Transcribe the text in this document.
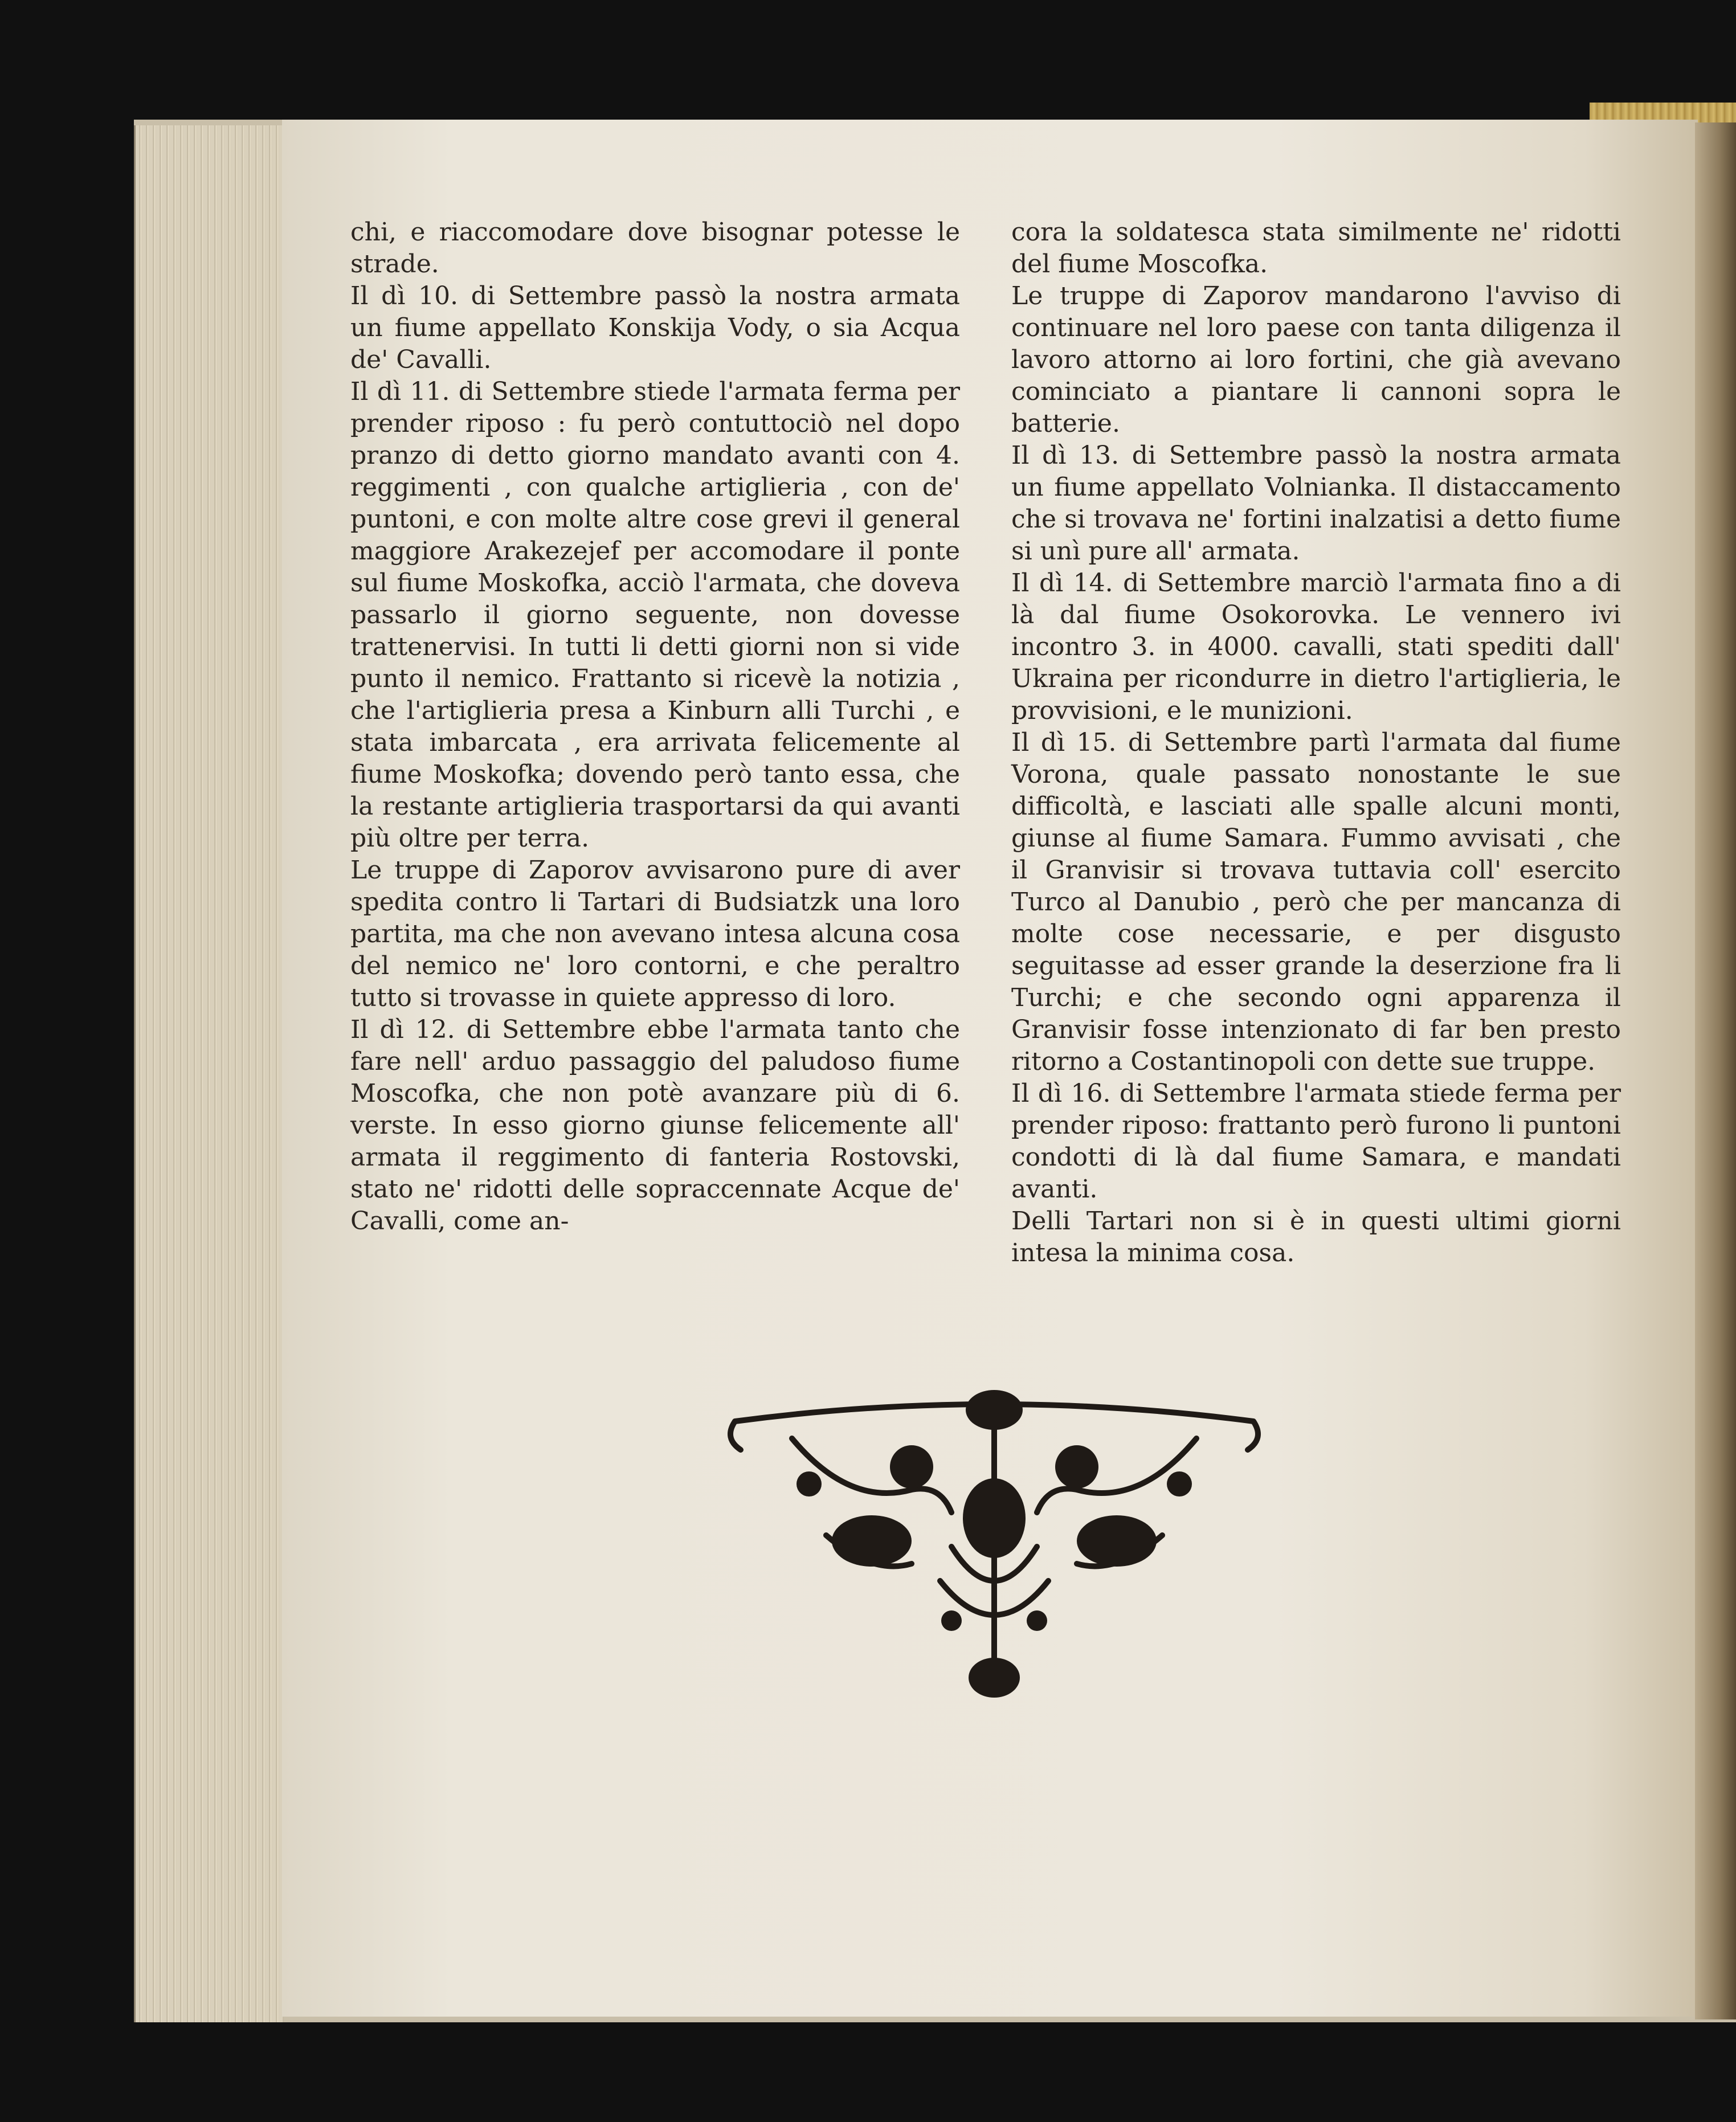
chi, e riaccomodare dove bisognar potesse le strade.

Il dì 10. di Settembre passò la nostra armata un fiume appellato Konskija Vody, o sia Acqua de' Cavalli.

Il dì 11. di Settembre stiede l'armata ferma per prender riposo : fu però contuttociò nel dopo pranzo di detto giorno mandato avanti con 4. reggimenti , con qualche artiglieria , con de' puntoni, e con molte altre cose grevi il general maggiore Arakezejef per accomodare il ponte sul fiume Moskofka, acciò l'armata, che doveva passarlo il giorno seguente, non dovesse trattenervisi. In tutti li detti giorni non si vide punto il nemico. Frattanto si ricevè la notizia , che l'artiglieria presa a Kinburn alli Turchi , e stata imbarcata , era arrivata felicemente al fiume Moskofka; dovendo però tanto essa, che la restante artiglieria trasportarsi da qui avanti più oltre per terra.

Le truppe di Zaporov avvisarono pure di aver spedita contro li Tartari di Budsiatzk una loro partita, ma che non avevano intesa alcuna cosa del nemico ne' loro contorni, e che peraltro tutto si trovasse in quiete appresso di loro.

Il dì 12. di Settembre ebbe l'armata tanto che fare nell' arduo passaggio del paludoso fiume Moscofka, che non potè avanzare più di 6. verste. In esso giorno giunse felicemente all' armata il reggimento di fanteria Rostovski, stato ne' ridotti delle sopraccennate Acque de' Cavalli, come an-

cora la soldatesca stata similmente ne' ridotti del fiume Moscofka.

Le truppe di Zaporov mandarono l'avviso di continuare nel loro paese con tanta diligenza il lavoro attorno ai loro fortini, che già avevano cominciato a piantare li cannoni sopra le batterie.

Il dì 13. di Settembre passò la nostra armata un fiume appellato Volnianka. Il distaccamento che si trovava ne' fortini inalzatisi a detto fiume si unì pure all' armata.

Il dì 14. di Settembre marciò l'armata fino a di là dal fiume Osokorovka. Le vennero ivi incontro 3. in 4000. cavalli, stati spediti dall' Ukraina per ricondurre in dietro l'artiglieria, le provvisioni, e le munizioni.

Il dì 15. di Settembre partì l'armata dal fiume Vorona, quale passato nonostante le sue difficoltà, e lasciati alle spalle alcuni monti, giunse al fiume Samara. Fummo avvisati , che il Granvisir si trovava tuttavia coll' esercito Turco al Danubio , però che per mancanza di molte cose necessarie, e per disgusto seguitasse ad esser grande la deserzione fra li Turchi; e che secondo ogni apparenza il Granvisir fosse intenzionato di far ben presto ritorno a Costantinopoli con dette sue truppe.

Il dì 16. di Settembre l'armata stiede ferma per prender riposo: frattanto però furono li puntoni condotti di là dal fiume Samara, e mandati avanti.

Delli Tartari non si è in questi ultimi giorni intesa la minima cosa.
